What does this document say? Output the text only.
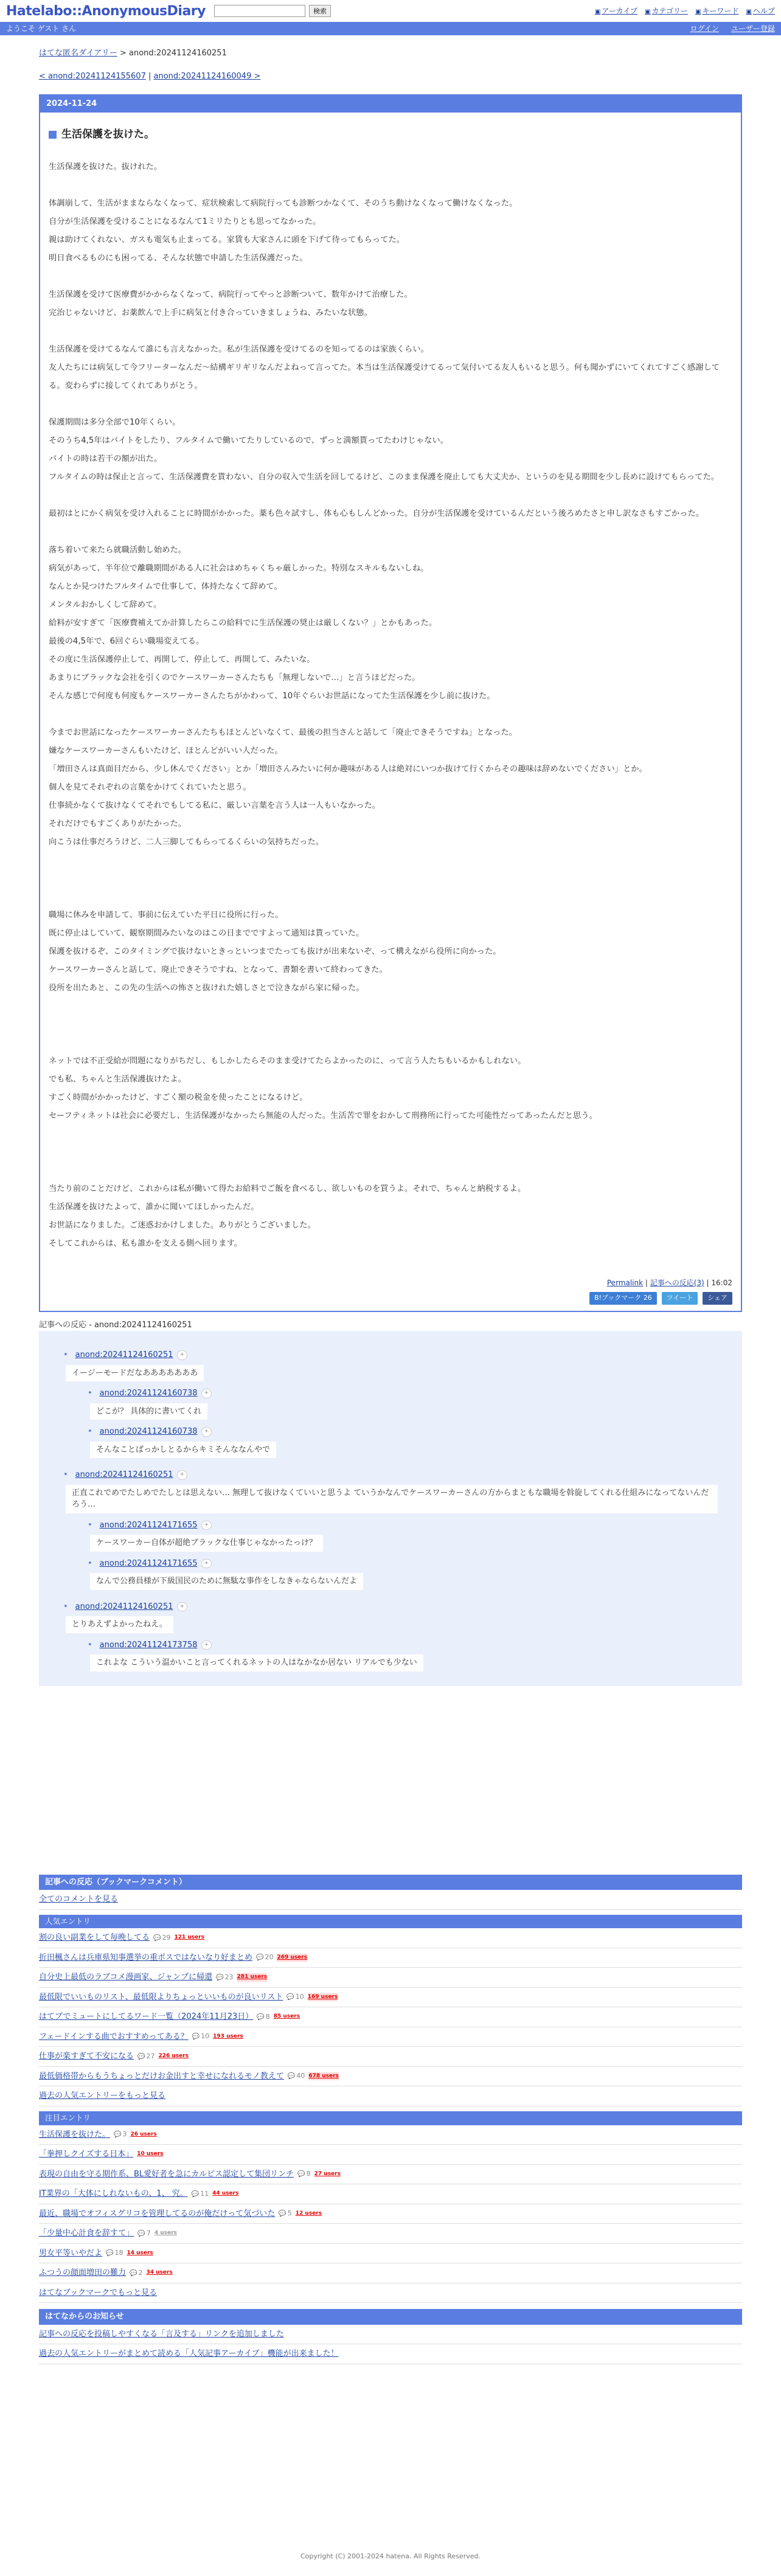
Hatelabo::AnonymousDiary	検索	▣ アーカイブ ▣ カテゴリー ▣ キーワード ▣ ヘルプ
ようこそ ゲスト さん	ログイン ユーザー登録
はてな匿名ダイアリー > anond:20241124160251
< anond:20241124155607 | anond:20241124160049 >
2024-11-24
生活保護を抜けた。

生活保護を抜けた。抜けれた。

体調崩して、生活がままならなくなって、症状検索して病院行っても診断つかなくて、そのうち動けなくなって働けなくなった。

自分が生活保護を受けることになるなんて1ミリたりとも思ってなかった。

親は助けてくれない、ガスも電気も止まってる。家賃も大家さんに頭を下げて待ってもらってた。

明日食べるものにも困ってる、そんな状態で申請した生活保護だった。

生活保護を受けて医療費がかからなくなって、病院行ってやっと診断ついて、数年かけて治療した。

完治じゃないけど、お薬飲んで上手に病気と付き合っていきましょうね、みたいな状態。

生活保護を受けてるなんて誰にも言えなかった。私が生活保護を受けてるのを知ってるのは家族くらい。

友人たちには病気して今フリーターなんだ〜結構ギリギリなんだよねって言ってた。本当は生活保護受けてるって気付いてる友人もいると思う。何も聞かずにいてくれてすごく感謝してる。変わらずに接してくれてありがとう。

保護期間は多分全部で10年くらい。

そのうち4,5年はバイトをしたり、フルタイムで働いてたりしているので、ずっと満額貰ってたわけじゃない。

バイトの時は若干の額が出た。

フルタイムの時は保止と言って、生活保護費を貰わない、自分の収入で生活を回してるけど、このまま保護を廃止しても大丈夫か、というのを見る期間を少し長めに設けてもらってた。

最初はとにかく病気を受け入れることに時間がかかった。薬も色々試すし、体も心もしんどかった。自分が生活保護を受けているんだという後ろめたさと申し訳なさもすごかった。

落ち着いて来たら就職活動し始めた。

病気があって、半年位で離職期間がある人に社会はめちゃくちゃ厳しかった。特別なスキルもないしね。

なんとか見つけたフルタイムで仕事して、体持たなくて辞めて。

メンタルおかしくして辞めて。

給料が安すぎて「医療費補えてか計算したらこの給料でに生活保護の奨止は厳しくない？」とかもあった。

最後の4,5年で、6回ぐらい職場変えてる。

その度に生活保護停止して、再開して、停止して、再開して、みたいな。

あまりにブラックな会社を引くのでケースワーカーさんたちも「無理しないで…」と言うほどだった。

そんな感じで何度も何度もケースワーカーさんたちがかわって、10年ぐらいお世話になってた生活保護を少し前に抜けた。

今までお世話になったケースワーカーさんたちもほとんどいなくて、最後の担当さんと話して「廃止できそうですね」となった。

嫌なケースワーカーさんもいたけど、ほとんどがいい人だった。

「増田さんは真面目だから、少し休んでください」とか「増田さんみたいに何か趣味がある人は絶対にいつか抜けて行くからその趣味は辞めないでください」とか。

個人を見てそれぞれの言葉をかけてくれていたと思う。

仕事続かなくて抜けなくてそれでもしてる私に、厳しい言葉を言う人は一人もいなかった。

それだけでもすごくありがたかった。

向こうは仕事だろうけど、二人三脚してもらってるくらいの気持ちだった。

職場に休みを申請して、事前に伝えていた平日に役所に行った。

既に停止はしていて、観察期間みたいなのはこの日までですよって通知は貰っていた。

保護を抜けるぞ、このタイミングで抜けないときっといつまでたっても抜けが出来ないぞ、って構えながら役所に向かった。

ケースワーカーさんと話して、廃止できそうですね、となって、書類を書いて終わってきた。

役所を出たあと、この先の生活への怖さと抜けれた嬉しさとで泣きながら家に帰った。

ネットでは不正受給が問題になりがちだし、もしかしたらそのまま受けてたらよかったのに、って言う人たちもいるかもしれない。

でも私、ちゃんと生活保護抜けたよ。

すごく時間がかかったけど、すごく額の税金を使ったことになるけど。

セーフティネットは社会に必要だし、生活保護がなかったら無能の人だった。生活苦で罪をおかして刑務所に行ってた可能性だってあったんだと思う。

当たり前のことだけど、これからは私が働いて得たお給料でご飯を食べるし、欲しいものを買うよ。それで、ちゃんと納税するよ。

生活保護を抜けたよって、誰かに聞いてほしかったんだ。

お世話になりました。ご迷惑おかけしました。ありがとうございました。

そしてこれからは、私も誰かを支える側へ回ります。

Permalink | 記事への反応(3) | 16:02
B!ブックマーク 26	ツイート	シェア
記事への反応 - anond:20241124160251
• anond:20241124160251	+
イージーモードだなあああああああ
• anond:20241124160738	+
どこが？ 具体的に書いてくれ
• anond:20241124160738	+
そんなことばっかしとるからキミそんななんやで
• anond:20241124160251	+
正直これでめでたしめでたしとは思えない… 無理して抜けなくていいと思うよ ていうかなんでケースワーカーさんの方からまともな職場を斡旋してくれる仕組みになってないんだろう…
• anond:20241124171655	+
ケースワーカー自体が超絶ブラックな仕事じゃなかったっけ？
• anond:20241124171655	+
なんで公務員様が下級国民のために無駄な事作をしなきゃならないんだよ
• anond:20241124160251	+
とりあえずよかったねえ。
• anond:20241124173758	+
これよな こういう温かいこと言ってくれるネットの人はなかなか居ない リアルでも少ない
記事への反応（ブックマークコメント）
全てのコメントを見る
人気エントリ
割の良い副業をして毎晩してる 💬 29 121 users
折田楓さんは兵庫県知事選挙の重ポスではないなり好まとめ 💬 20 269 users
自分史上最低のラブコメ漫画家、ジャンプに帰還 💬 23 281 users
最低限でいいものリスト、最低限よりちょっといいものが良いリスト 💬 10 169 users
はてブでミュートにしてるワード一覧（2024年11月23日） 💬 8 85 users
フェードインする曲でおすすめってある？ 💬 10 193 users
仕事が楽すぎて不安になる 💬 27 226 users
最低価格帯からもうちょっとだけお金出すと幸せになれるモノ教えて 💬 40 678 users
過去の人気エントリーをもっと見る
注目エントリ
生活保護を抜けた。 💬 3 26 users
「拳押しクイズする日本」 10 users
表現の自由を守る期作系、BL愛好者を急にカルピス認定して集団リンチ 💬 8 27 users
IT業界の「大体にしれないもの、1、 究。 💬 11 44 users
最近、職場でオフィスグリコを管理してるのが俺だけって気づいた 💬 5 12 users
「少量中心計食を辞すて」 💬 7 4 users
男女平等いやだよ 💬 18 14 users
ふつうの顔面増田の難力 💬 2 34 users
はてなブックマークでもっと見る
はてなからのお知らせ
記事への反応を投稿しやすくなる「言及する」リンクを追加しました
過去の人気エントリーがまとめて読める「人気記事アーカイブ」機能が出来ました！
Copyright (C) 2001-2024 hatena. All Rights Reserved.
